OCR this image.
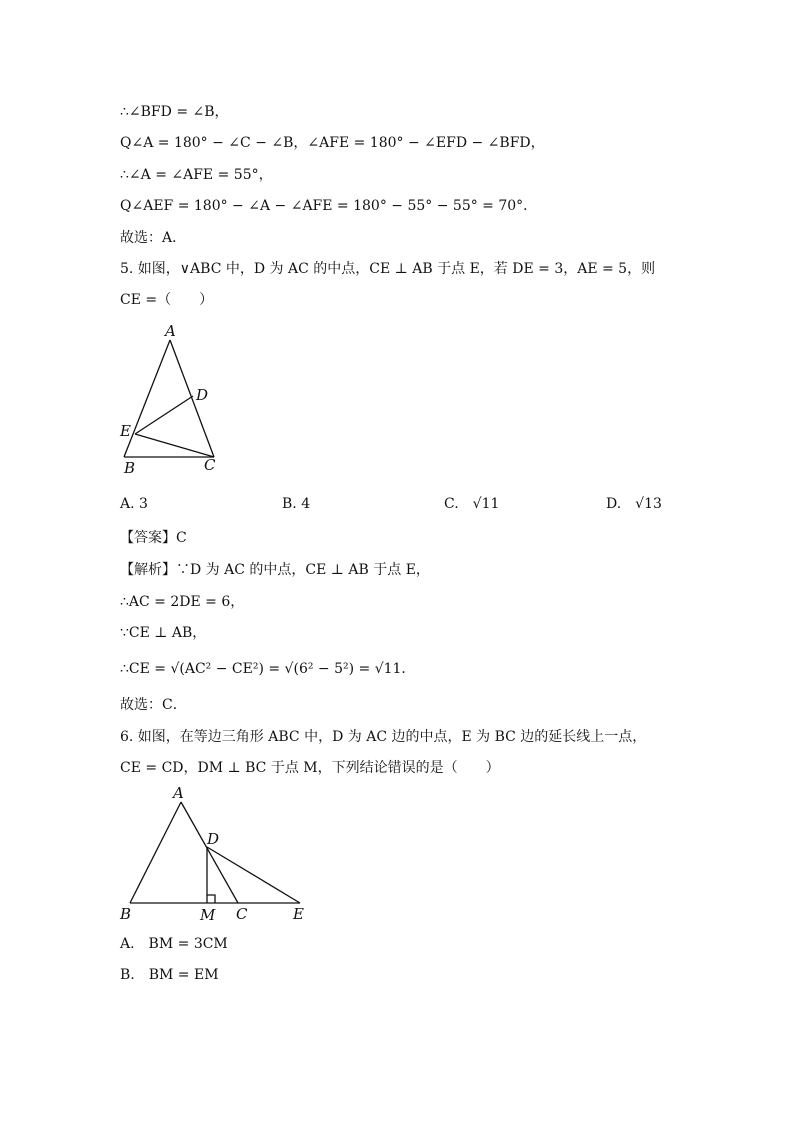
∴∠BFD = ∠B，
Q∠A = 180° − ∠C − ∠B，∠AFE = 180° − ∠EFD − ∠BFD，
∴∠A = ∠AFE = 55°，
Q∠AEF = 180° − ∠A − ∠AFE = 180° − 55° − 55° = 70°．
故选：A．
5. 如图，∨ABC 中，D 为 AC 的中点，CE ⊥ AB 于点 E，若 DE = 3，AE = 5，则
CE =（　　）
A
D
E
B	C
A. 3	B. 4	C.　√11	D.　√13
【答案】C
【解析】∵D 为 AC 的中点，CE ⊥ AB 于点 E，
∴AC = 2DE = 6，
∵CE ⊥ AB，
∴CE = √(AC² − CE²) = √(6² − 5²) = √11．
故选：C．
6. 如图，在等边三角形 ABC 中，D 为 AC 边的中点，E 为 BC 边的延长线上一点，
CE = CD，DM ⊥ BC 于点 M，下列结论错误的是（　　）
A
D
B	M C	E
A.　BM = 3CM
B.　BM = EM
